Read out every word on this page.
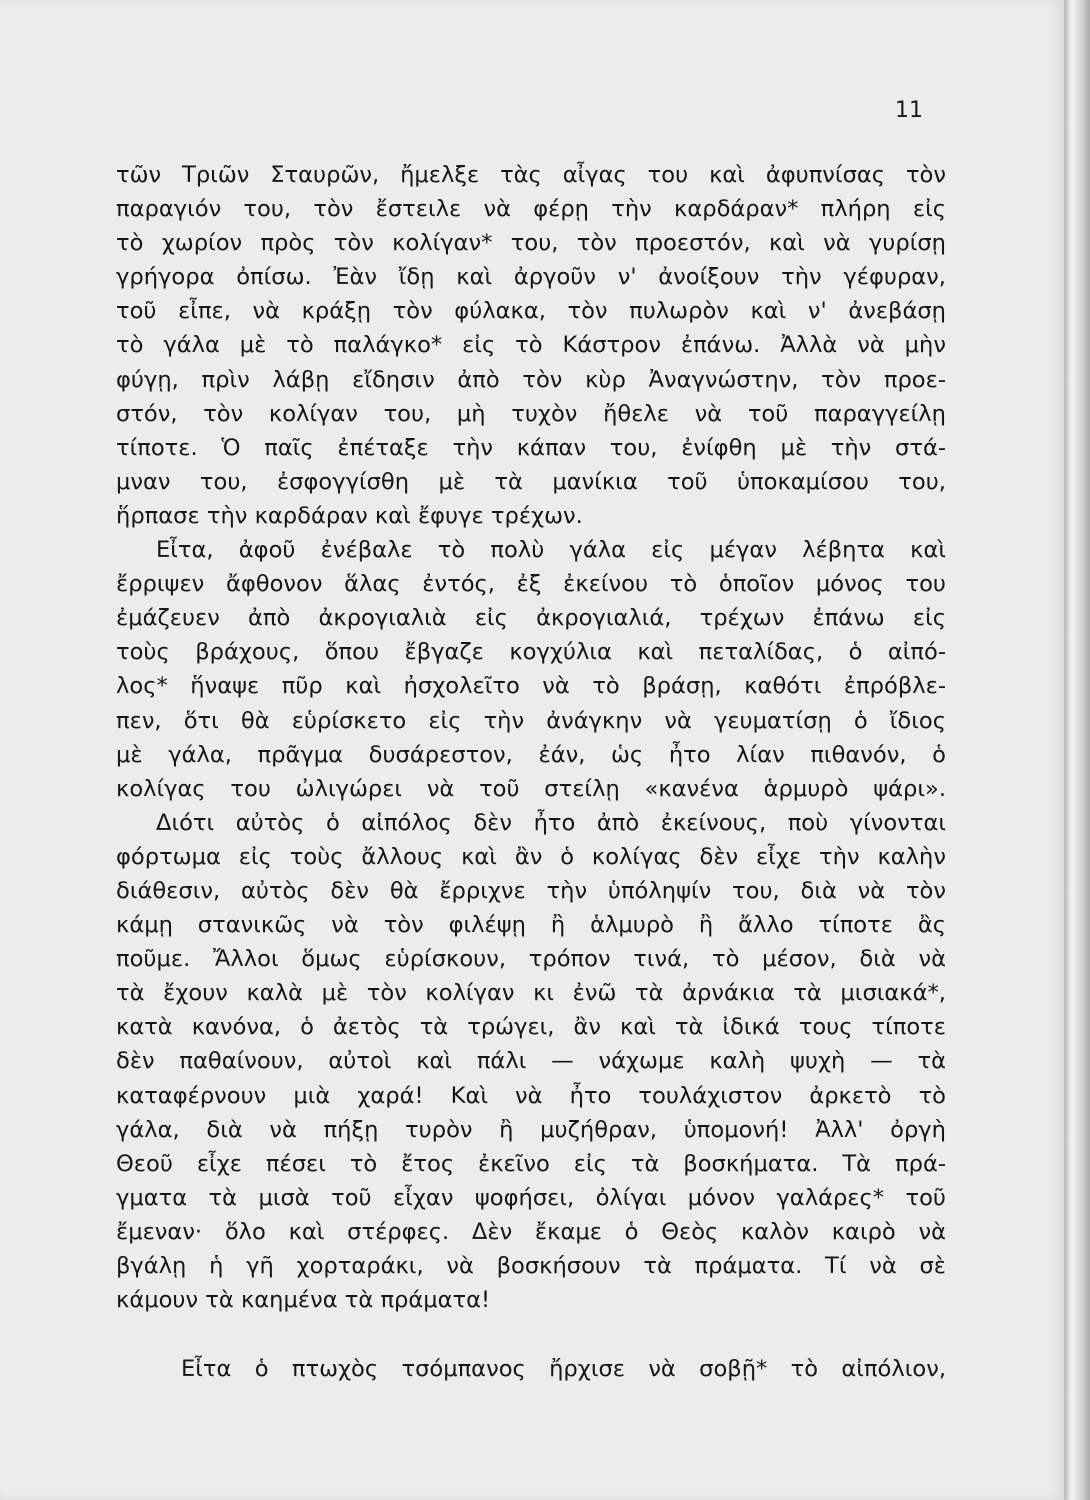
11

τῶν Τριῶν Σταυρῶν, ἤμελξε τὰς αἶγας του καὶ ἀφυπνίσας τὸν
παραγιόν του, τὸν ἔστειλε νὰ φέρῃ τὴν καρδάραν* πλήρη εἰς
τὸ χωρίον πρὸς τὸν κολίγαν* του, τὸν προεστόν, καὶ νὰ γυρίσῃ
γρήγορα ὀπίσω. Ἐὰν ἴδῃ καὶ ἀργοῦν ν' ἀνοίξουν τὴν γέφυραν,
τοῦ εἶπε, νὰ κράξῃ τὸν φύλακα, τὸν πυλωρὸν καὶ ν' ἀνεβάσῃ
τὸ γάλα μὲ τὸ παλάγκο* εἰς τὸ Κάστρον ἐπάνω. Ἀλλὰ νὰ μὴν
φύγῃ, πρὶν λάβῃ εἴδησιν ἀπὸ τὸν κὺρ Ἀναγνώστην, τὸν προε-
στόν, τὸν κολίγαν του, μὴ τυχὸν ἤθελε νὰ τοῦ παραγγείλῃ
τίποτε. Ὁ παῖς ἐπέταξε τὴν κάπαν του, ἐνίφθη μὲ τὴν στά-
μναν του, ἐσφογγίσθη μὲ τὰ μανίκια τοῦ ὑποκαμίσου του,
ἥρπασε τὴν καρδάραν καὶ ἔφυγε τρέχων.
Εἶτα, ἀφοῦ ἐνέβαλε τὸ πολὺ γάλα εἰς μέγαν λέβητα καὶ
ἔρριψεν ἄφθονον ἅλας ἐντός, ἐξ ἐκείνου τὸ ὁποῖον μόνος του
ἐμάζευεν ἀπὸ ἀκρογιαλιὰ εἰς ἀκρογιαλιά, τρέχων ἐπάνω εἰς
τοὺς βράχους, ὅπου ἔβγαζε κογχύλια καὶ πεταλίδας, ὁ αἰπό-
λος* ἥναψε πῦρ καὶ ἠσχολεῖτο νὰ τὸ βράσῃ, καθότι ἐπρόβλε-
πεν, ὅτι θὰ εὑρίσκετο εἰς τὴν ἀνάγκην νὰ γευματίσῃ ὁ ἴδιος
μὲ γάλα, πρᾶγμα δυσάρεστον, ἐάν, ὡς ἦτο λίαν πιθανόν, ὁ
κολίγας του ὠλιγώρει νὰ τοῦ στείλῃ «κανένα ἁρμυρὸ ψάρι».
Διότι αὐτὸς ὁ αἰπόλος δὲν ἦτο ἀπὸ ἐκείνους, ποὺ γίνονται
φόρτωμα εἰς τοὺς ἄλλους καὶ ἂν ὁ κολίγας δὲν εἶχε τὴν καλὴν
διάθεσιν, αὐτὸς δὲν θὰ ἔρριχνε τὴν ὑπόληψίν του, διὰ νὰ τὸν
κάμῃ στανικῶς νὰ τὸν φιλέψῃ ἢ ἁλμυρὸ ἢ ἄλλο τίποτε ἂς
ποῦμε. Ἄλλοι ὅμως εὑρίσκουν, τρόπον τινά, τὸ μέσον, διὰ νὰ
τὰ ἔχουν καλὰ μὲ τὸν κολίγαν κι ἐνῶ τὰ ἀρνάκια τὰ μισιακά*,
κατὰ κανόνα, ὁ ἀετὸς τὰ τρώγει, ἂν καὶ τὰ ἰδικά τους τίποτε
δὲν παθαίνουν, αὐτοὶ καὶ πάλι — νάχωμε καλὴ ψυχὴ — τὰ
καταφέρνουν μιὰ χαρά! Καὶ νὰ ἦτο τουλάχιστον ἀρκετὸ τὸ
γάλα, διὰ νὰ πήξῃ τυρὸν ἢ μυζήθραν, ὑπομονή! Ἀλλ' ὀργὴ
Θεοῦ εἶχε πέσει τὸ ἔτος ἐκεῖνο εἰς τὰ βοσκήματα. Τὰ πρά-
γματα τὰ μισὰ τοῦ εἶχαν ψοφήσει, ὀλίγαι μόνον γαλάρες* τοῦ
ἔμεναν· ὅλο καὶ στέρφες. Δὲν ἔκαμε ὁ Θεὸς καλὸν καιρὸ νὰ
βγάλῃ ἡ γῆ χορταράκι, νὰ βοσκήσουν τὰ πράματα. Τί νὰ σὲ
κάμουν τὰ καημένα τὰ πράματα!
Εἶτα ὁ πτωχὸς τσόμπανος ἤρχισε νὰ σοβῇ* τὸ αἰπόλιον,
